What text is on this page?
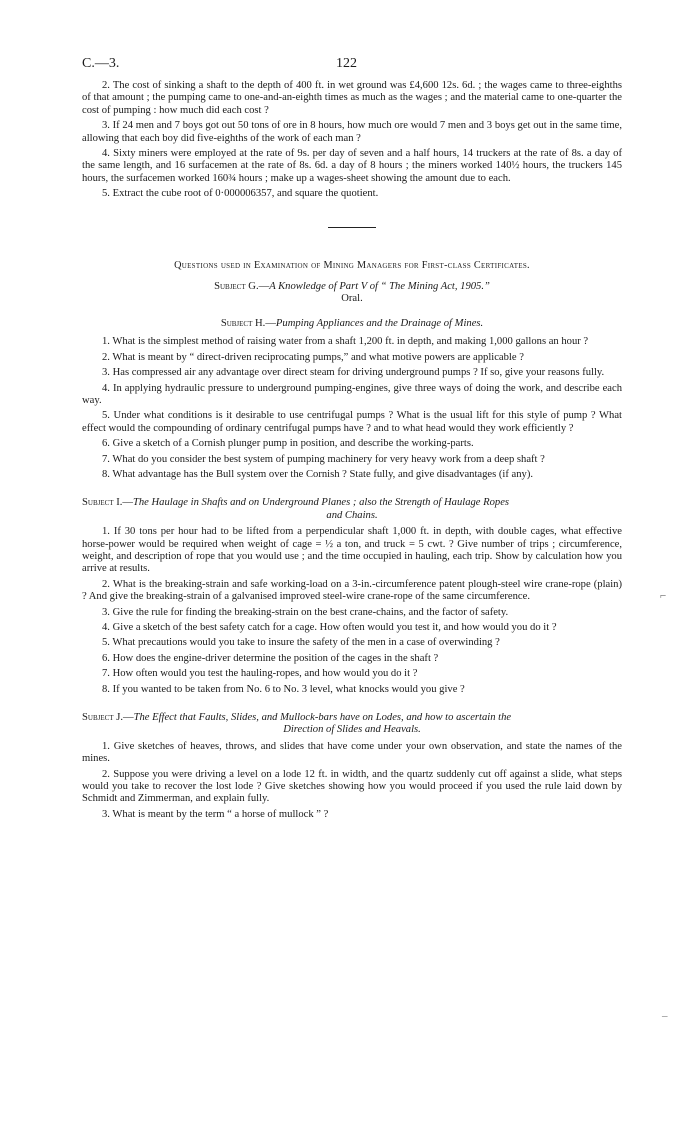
C.—3.	122

2. The cost of sinking a shaft to the depth of 400 ft. in wet ground was £4,600 12s. 6d. ; the wages came to three-eighths of that amount ; the pumping came to one-and-an-eighth times as much as the wages ; and the material came to one-quarter the cost of pumping : how much did each cost ?

3. If 24 men and 7 boys got out 50 tons of ore in 8 hours, how much ore would 7 men and 3 boys get out in the same time, allowing that each boy did five-eighths of the work of each man ?

4. Sixty miners were employed at the rate of 9s. per day of seven and a half hours, 14 truckers at the rate of 8s. a day of the same length, and 16 surfacemen at the rate of 8s. 6d. a day of 8 hours ; the miners worked 140½ hours, the truckers 145 hours, the surfacemen worked 160¾ hours ; make up a wages-sheet showing the amount due to each.

5. Extract the cube root of 0·000006357, and square the quotient.

Questions used in Examination of Mining Managers for First-class Certificates.
Subject G.—A Knowledge of Part V of “ The Mining Act, 1905.”
Oral.
Subject H.—Pumping Appliances and the Drainage of Mines.

1. What is the simplest method of raising water from a shaft 1,200 ft. in depth, and making 1,000 gallons an hour ?

2. What is meant by “ direct-driven reciprocating pumps,” and what motive powers are applicable ?

3. Has compressed air any advantage over direct steam for driving underground pumps ? If so, give your reasons fully.

4. In applying hydraulic pressure to underground pumping-engines, give three ways of doing the work, and describe each way.

5. Under what conditions is it desirable to use centrifugal pumps ? What is the usual lift for this style of pump ? What effect would the compounding of ordinary centrifugal pumps have ? and to what head would they work efficiently ?

6. Give a sketch of a Cornish plunger pump in position, and describe the working-parts.

7. What do you consider the best system of pumping machinery for very heavy work from a deep shaft ?

8. What advantage has the Bull system over the Cornish ? State fully, and give disadvantages (if any).

Subject I.—The Haulage in Shafts and on Underground Planes ; also the Strength of Haulage Ropes
and Chains.

1. If 30 tons per hour had to be lifted from a perpendicular shaft 1,000 ft. in depth, with double cages, what effective horse-power would be required when weight of cage = ½ a ton, and truck = 5 cwt. ? Give number of trips ; circumference, weight, and description of rope that you would use ; and the time occupied in hauling, each trip. Show by calculation how you arrive at results.

2. What is the breaking-strain and safe working-load on a 3-in.-circumference patent plough-steel wire crane-rope (plain) ? And give the breaking-strain of a galvanised improved steel-wire crane-rope of the same circumference.

3. Give the rule for finding the breaking-strain on the best crane-chains, and the factor of safety.

4. Give a sketch of the best safety catch for a cage. How often would you test it, and how would you do it ?

5. What precautions would you take to insure the safety of the men in a case of overwinding ?

6. How does the engine-driver determine the position of the cages in the shaft ?

7. How often would you test the hauling-ropes, and how would you do it ?

8. If you wanted to be taken from No. 6 to No. 3 level, what knocks would you give ?

Subject J.—The Effect that Faults, Slides, and Mullock-bars have on Lodes, and how to ascertain the
Direction of Slides and Heavals.

1. Give sketches of heaves, throws, and slides that have come under your own observation, and state the names of the mines.

2. Suppose you were driving a level on a lode 12 ft. in width, and the quartz suddenly cut off against a slide, what steps would you take to recover the lost lode ? Give sketches showing how you would proceed if you used the rule laid down by Schmidt and Zimmerman, and explain fully.

3. What is meant by the term “ a horse of mullock ” ?

⌐
–
